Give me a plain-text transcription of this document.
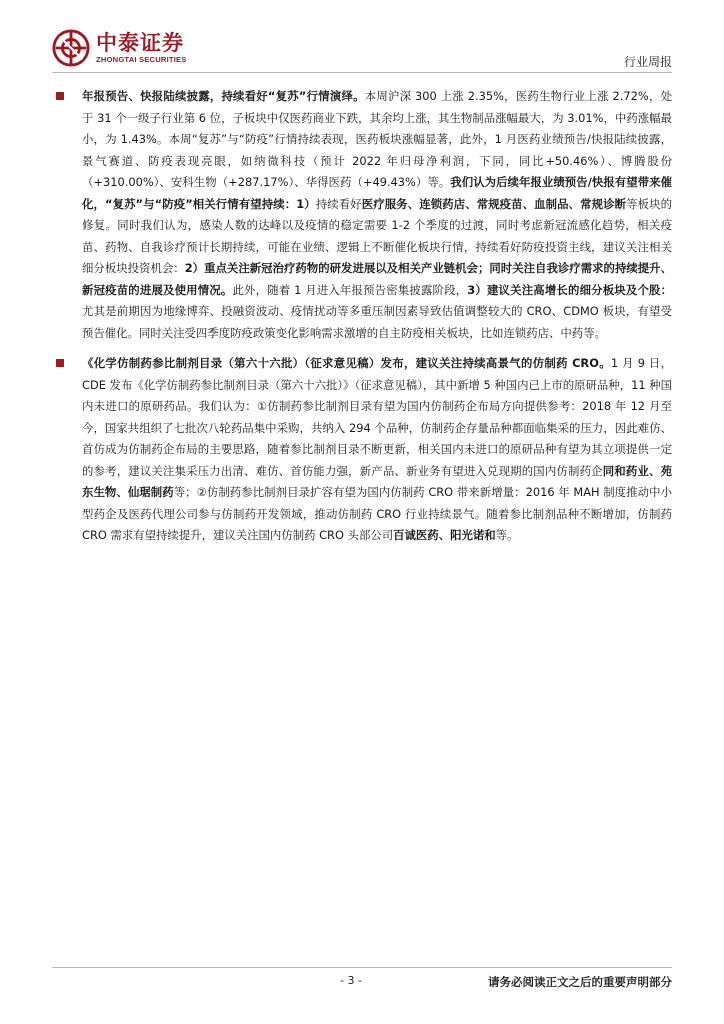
中泰证券
ZHONGTAI SECURITIES	行业周报
年报预告、快报陆续披露，持续看好“复苏”行情演绎。本周沪深 300 上涨 2.35%，医药生物行业上涨 2.72%，处于 31 个一级子行业第 6 位，子板块中仅医药商业下跌，其余均上涨，其生物制品涨幅最大，为 3.01%，中药涨幅最小，为 1.43%。本周“复苏”与“防疫”行情持续表现，医药板块涨幅显著，此外，1 月医药业绩预告/快报陆续披露，景气赛道、防疫表现亮眼，如纳微科技（预计 2022 年归母净利润，下同，同比+50.46%）、博腾股份（+310.00%）、安科生物（+287.17%）、华得医药（+49.43%）等。我们认为后续年报业绩预告/快报有望带来催化，“复苏”与“防疫”相关行情有望持续：1）持续看好医疗服务、连锁药店、常规疫苗、血制品、常规诊断等板块的修复。同时我们认为，感染人数的达峰以及疫情的稳定需要 1-2 个季度的过渡，同时考虑新冠流感化趋势，相关疫苗、药物、自我诊疗预计长期持续，可能在业绩、逻辑上不断催化板块行情，持续看好防疫投资主线，建议关注相关细分板块投资机会：2）重点关注新冠治疗药物的研发进展以及相关产业链机会；同时关注自我诊疗需求的持续提升、新冠疫苗的进展及使用情况。此外，随着 1 月进入年报预告密集披露阶段，3）建议关注高增长的细分板块及个股：尤其是前期因为地缘博弈、投融资波动、疫情扰动等多重压制因素导致估值调整较大的 CRO、CDMO 板块，有望受预告催化。同时关注受四季度防疫政策变化影响需求激增的自主防疫相关板块，比如连锁药店、中药等。
《化学仿制药参比制剂目录（第六十六批）（征求意见稿）发布，建议关注持续高景气的仿制药 CRO。1 月 9 日，CDE 发布《化学仿制药参比制剂目录（第六十六批）》（征求意见稿），其中新增 5 种国内已上市的原研品种，11 种国内未进口的原研药品。我们认为：①仿制药参比制剂目录有望为国内仿制药企布局方向提供参考：2018 年 12 月至今，国家共组织了七批次八轮药品集中采购，共纳入 294 个品种，仿制药企存量品种都面临集采的压力，因此难仿、首仿成为仿制药企布局的主要思路，随着参比制剂目录不断更新，相关国内未进口的原研品种有望为其立项提供一定的参考，建议关注集采压力出清、难仿、首仿能力强，新产品、新业务有望进入兑现期的国内仿制药企同和药业、苑东生物、仙琚制药等；②仿制药参比制剂目录扩容有望为国内仿制药 CRO 带来新增量：2016 年 MAH 制度推动中小型药企及医药代理公司参与仿制药开发领域，推动仿制药 CRO 行业持续景气。随着参比制剂品种不断增加，仿制药 CRO 需求有望持续提升，建议关注国内仿制药 CRO 头部公司百诚医药、阳光诺和等。
- 3 -	请务必阅读正文之后的重要声明部分
